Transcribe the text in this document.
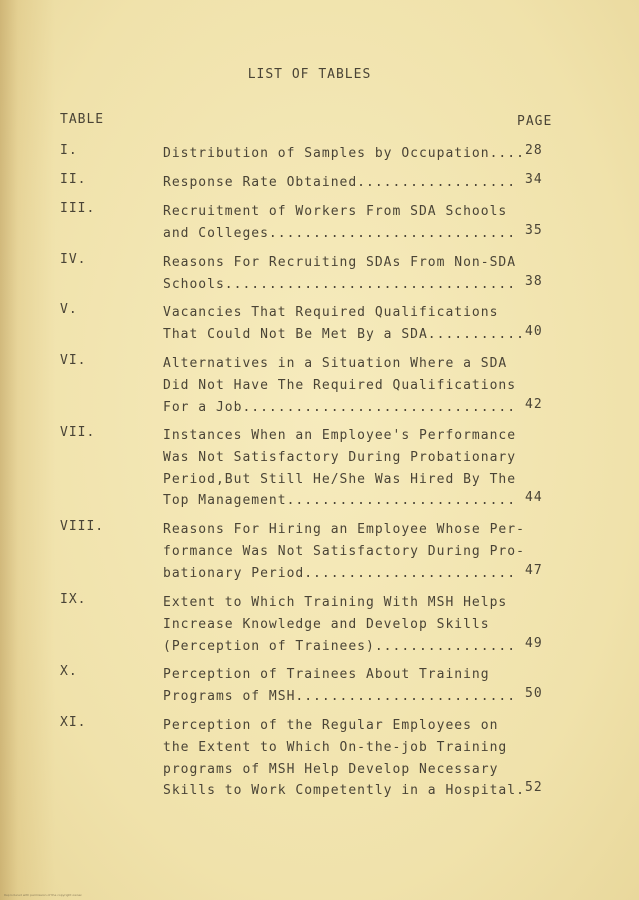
LIST OF TABLES
TABLE	PAGE
I.	Distribution of Samples by Occupation.... 28
II.	Response Rate Obtained.................. 34
III.	Recruitment of Workers From SDA Schools
and Colleges............................ 35
IV.	Reasons For Recruiting SDAs From Non-SDA
Schools................................. 38
V.	Vacancies That Required Qualifications
That Could Not Be Met By a SDA........... 40
VI.	Alternatives in a Situation Where a SDA
Did Not Have The Required Qualifications
For a Job............................... 42
VII.	Instances When an Employee's Performance
Was Not Satisfactory During Probationary
Period,But Still He/She Was Hired By The
Top Management.......................... 44
VIII.	Reasons For Hiring an Employee Whose Per-
formance Was Not Satisfactory During Pro-
bationary Period........................ 47
IX.	Extent to Which Training With MSH Helps
Increase Knowledge and Develop Skills
(Perception of Trainees)................ 49
X.	Perception of Trainees About Training
Programs of MSH......................... 50
XI.	Perception of the Regular Employees on
the Extent to Which On-the-job Training
programs of MSH Help Develop Necessary
Skills to Work Competently in a Hospital. 52
Reproduced with permission of the copyright owner.
